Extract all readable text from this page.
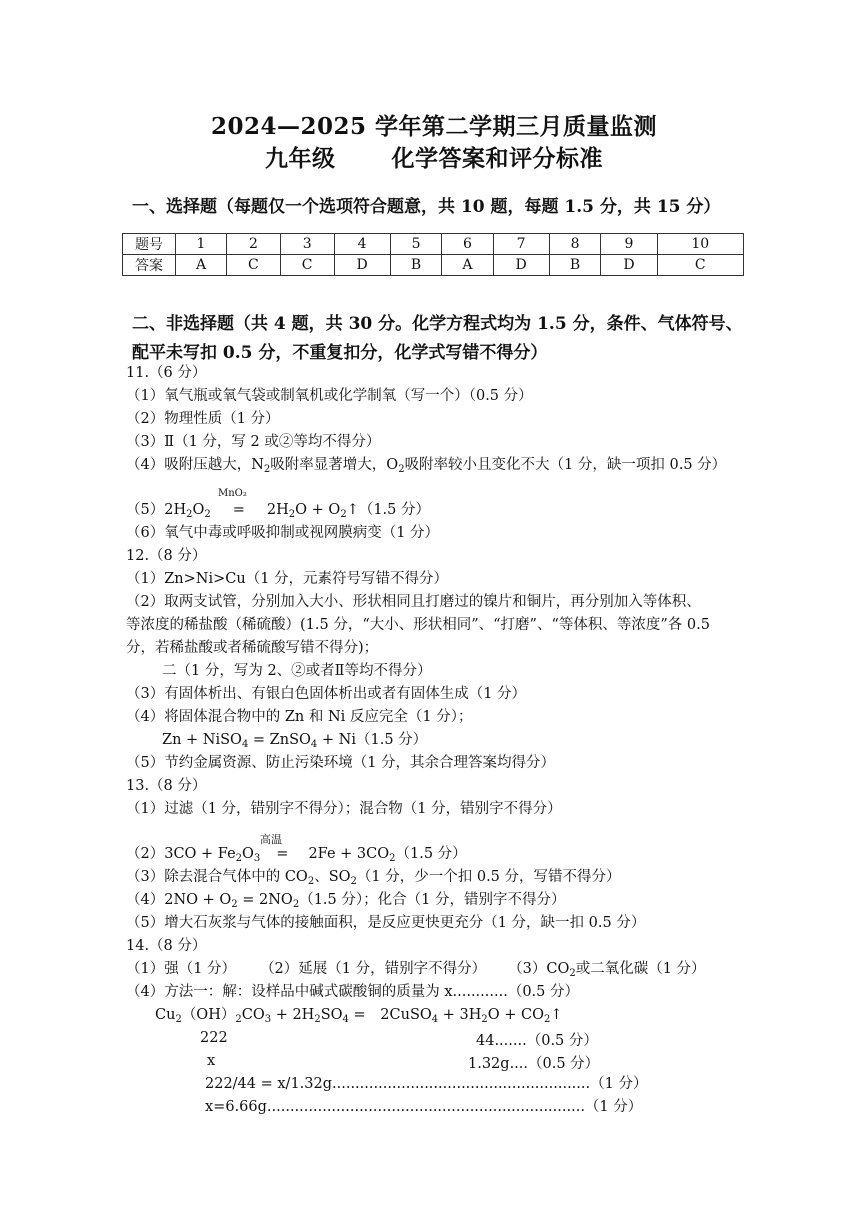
2024—2025 学年第二学期三月质量监测
九年级 化学答案和评分标准
一、选择题（每题仅一个选项符合题意，共 10 题，每题 1.5 分，共 15 分）
题号	1	2	3	4	5	6	7	8	9	10
答案	A	C	C	D	B	A	D	B	D	C
二、非选择题（共 4 题，共 30 分。化学方程式均为 1.5 分，条件、气体符号、
配平未写扣 0.5 分，不重复扣分，化学式写错不得分）
11.（6 分）
（1）氧气瓶或氧气袋或制氧机或化学制氧（写一个）（0.5 分）
（2）物理性质（1 分）
（3）Ⅱ（1 分，写 2 或②等均不得分）
（4）吸附压越大，$N_2$吸附率显著增大，$O_2$吸附率较小且变化不大（1 分，缺一项扣 0.5 分）
MnO₂
$(5)2H_2O_2 = 2H_2O$ + $O_2↑(1.5$ 分）
（6）氧气中毒或呼吸抑制或视网膜病变（1 分）
12.（8 分）
（1）Zn>Ni>Cu（1 分，元素符号写错不得分）
（2）取两支试管，分别加入大小、形状相同且打磨过的镍片和铜片，再分别加入等体积、
等浓度的稀盐酸（稀硫酸）(1.5 分，“大小、形状相同”、“打磨”、“等体积、等浓度”各 0.5
分，若稀盐酸或者稀硫酸写错不得分)；
二（1 分，写为 2、②或者Ⅱ等均不得分）
（3）有固体析出、有银白色固体析出或者有固体生成（1 分）
（4）将固体混合物中的 Zn 和 Ni 反应完全（1 分）；
Zn + NiSO$_4$ = ZnSO$_4$ + Ni（1.5 分）
（5）节约金属资源、防止污染环境（1 分，其余合理答案均得分）
13.（8 分）
（1）过滤（1 分，错别字不得分）；混合物（1 分，错别字不得分）
高温
$(2)3CO + Fe_2O_3 = 2Fe + 3CO_2(1.5$ 分）
（3）除去混合气体中的 $CO_2$、$SO_2(1$ 分，少一个扣 0.5 分，写错不得分）
$(4)2NO + O_2 = 2NO_2(1.5$ 分）；化合（1 分，错别字不得分）
（5）增大石灰浆与气体的接触面积，是反应更快更充分（1 分，缺一扣 0.5 分）
14.（8 分）
（1）强（1 分） （2）延展（1 分，错别字不得分） $(3)CO_2$或二氧化碳（1 分）
（4）方法一：解：设样品中碱式碳酸铜的质量为 x............（0.5 分）
$Cu_2(OH)_2CO_3 + 2H_2SO_4$ = 2CuSO$_4$ + $3H_2O$ + $CO_2↑$
222	44.......（0.5 分）
x	1.32g....（0.5 分）
222/44 = x/1.32g........................................................（1 分）
x=6.66g.....................................................................（1 分）
